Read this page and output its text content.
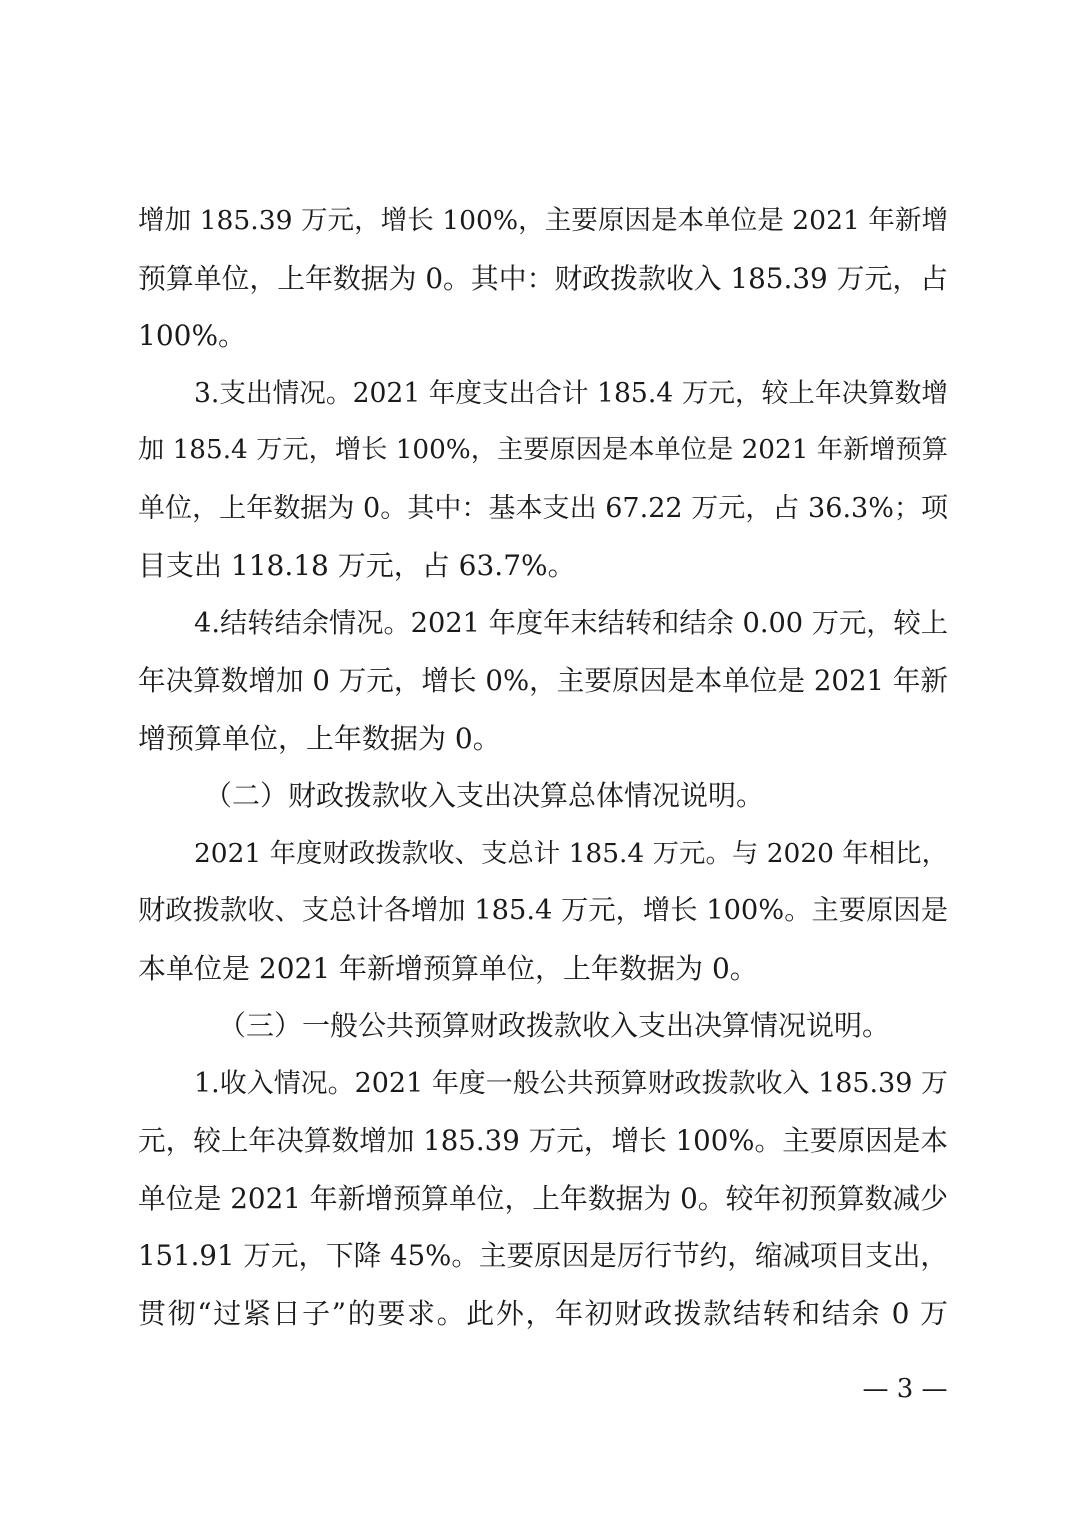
增加 185.39 万元，增长 100%，主要原因是本单位是 2021 年新增
预算单位，上年数据为 0。其中：财政拨款收入 185.39 万元，占
100%。
3.支出情况。2021 年度支出合计 185.4 万元，较上年决算数增
加 185.4 万元，增长 100%，主要原因是本单位是 2021 年新增预算
单位，上年数据为 0。其中：基本支出 67.22 万元，占 36.3%；项
目支出 118.18 万元，占 63.7%。
4.结转结余情况。2021 年度年末结转和结余 0.00 万元，较上
年决算数增加 0 万元，增长 0%，主要原因是本单位是 2021 年新
增预算单位，上年数据为 0。
（二）财政拨款收入支出决算总体情况说明。
2021 年度财政拨款收、支总计 185.4 万元。与 2020 年相比，
财政拨款收、支总计各增加 185.4 万元，增长 100%。主要原因是
本单位是 2021 年新增预算单位，上年数据为 0。
（三）一般公共预算财政拨款收入支出决算情况说明。
1.收入情况。2021 年度一般公共预算财政拨款收入 185.39 万
元，较上年决算数增加 185.39 万元，增长 100%。主要原因是本
单位是 2021 年新增预算单位，上年数据为 0。较年初预算数减少
151.91 万元，下降 45%。主要原因是厉行节约，缩减项目支出，
贯彻“过紧日子”的要求。此外，年初财政拨款结转和结余 0 万
— 3 —
